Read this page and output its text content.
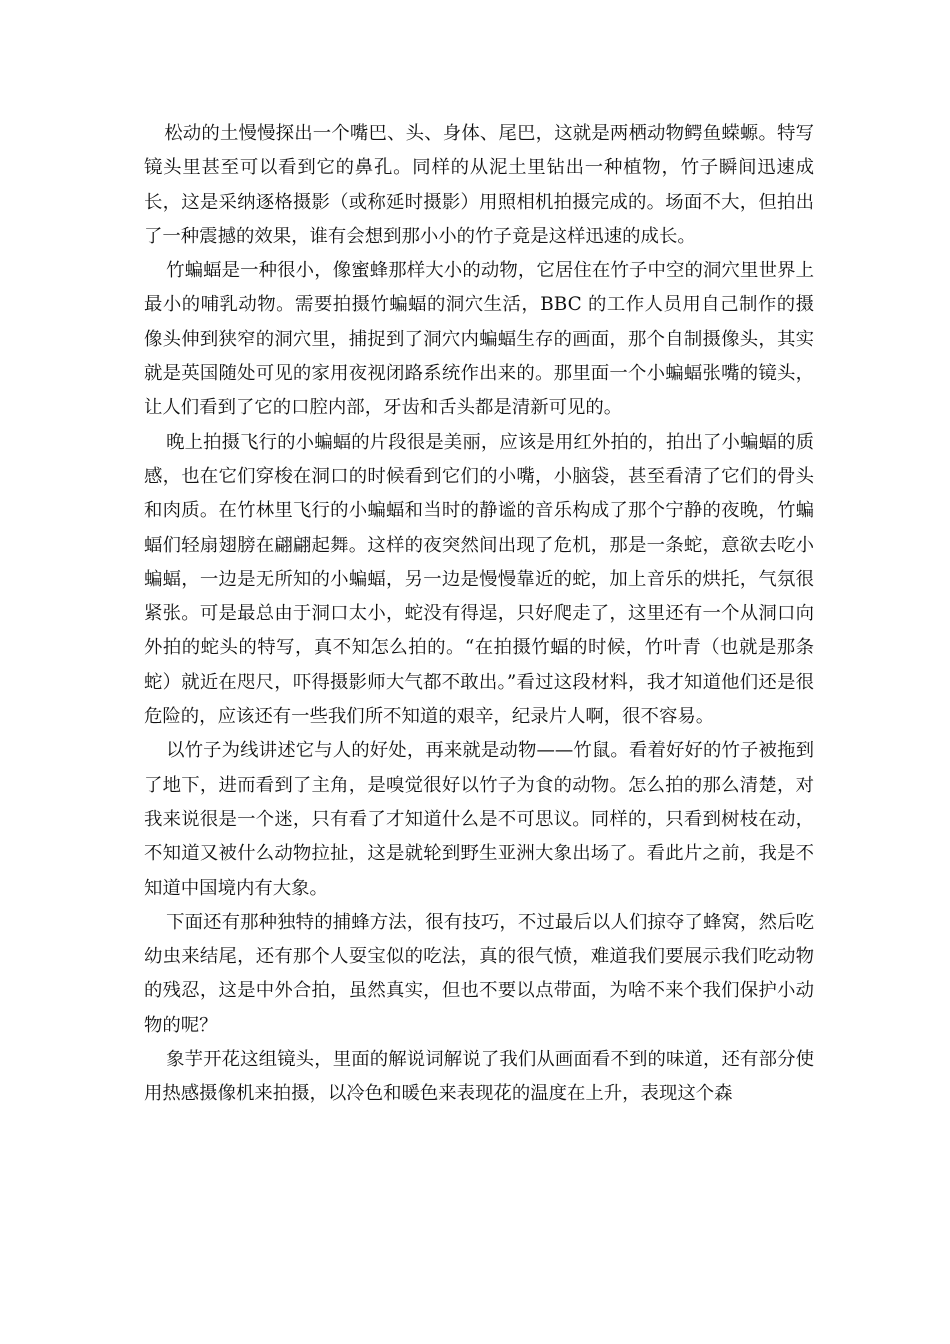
松动的土慢慢探出一个嘴巴、头、身体、尾巴，这就是两栖动物鳄鱼蝾螈。特写镜头里甚至可以看到它的鼻孔。同样的从泥土里钻出一种植物，竹子瞬间迅速成长，这是采纳逐格摄影（或称延时摄影）用照相机拍摄完成的。场面不大，但拍出了一种震撼的效果，谁有会想到那小小的竹子竟是这样迅速的成长。

竹蝙蝠是一种很小，像蜜蜂那样大小的动物，它居住在竹子中空的洞穴里世界上最小的哺乳动物。需要拍摄竹蝙蝠的洞穴生活，BBC 的工作人员用自己制作的摄像头伸到狭窄的洞穴里，捕捉到了洞穴内蝙蝠生存的画面，那个自制摄像头，其实就是英国随处可见的家用夜视闭路系统作出来的。那里面一个小蝙蝠张嘴的镜头，让人们看到了它的口腔内部，牙齿和舌头都是清新可见的。

晚上拍摄飞行的小蝙蝠的片段很是美丽，应该是用红外拍的，拍出了小蝙蝠的质感，也在它们穿梭在洞口的时候看到它们的小嘴，小脑袋，甚至看清了它们的骨头和肉质。在竹林里飞行的小蝙蝠和当时的静谧的音乐构成了那个宁静的夜晚，竹蝙蝠们轻扇翅膀在翩翩起舞。这样的夜突然间出现了危机，那是一条蛇，意欲去吃小蝙蝠，一边是无所知的小蝙蝠，另一边是慢慢靠近的蛇，加上音乐的烘托，气氛很紧张。可是最总由于洞口太小，蛇没有得逞，只好爬走了，这里还有一个从洞口向外拍的蛇头的特写，真不知怎么拍的。“在拍摄竹蝠的时候，竹叶青（也就是那条蛇）就近在咫尺，吓得摄影师大气都不敢出。”看过这段材料，我才知道他们还是很危险的，应该还有一些我们所不知道的艰辛，纪录片人啊，很不容易。

以竹子为线讲述它与人的好处，再来就是动物——竹鼠。看着好好的竹子被拖到了地下，进而看到了主角，是嗅觉很好以竹子为食的动物。怎么拍的那么清楚，对我来说很是一个迷，只有看了才知道什么是不可思议。同样的，只看到树枝在动，不知道又被什么动物拉扯，这是就轮到野生亚洲大象出场了。看此片之前，我是不知道中国境内有大象。

下面还有那种独特的捕蜂方法，很有技巧，不过最后以人们掠夺了蜂窝，然后吃幼虫来结尾，还有那个人耍宝似的吃法，真的很气愤，难道我们要展示我们吃动物的残忍，这是中外合拍，虽然真实，但也不要以点带面，为啥不来个我们保护小动物的呢？

象芋开花这组镜头，里面的解说词解说了我们从画面看不到的味道，还有部分使用热感摄像机来拍摄，以冷色和暖色来表现花的温度在上升，表现这个森
